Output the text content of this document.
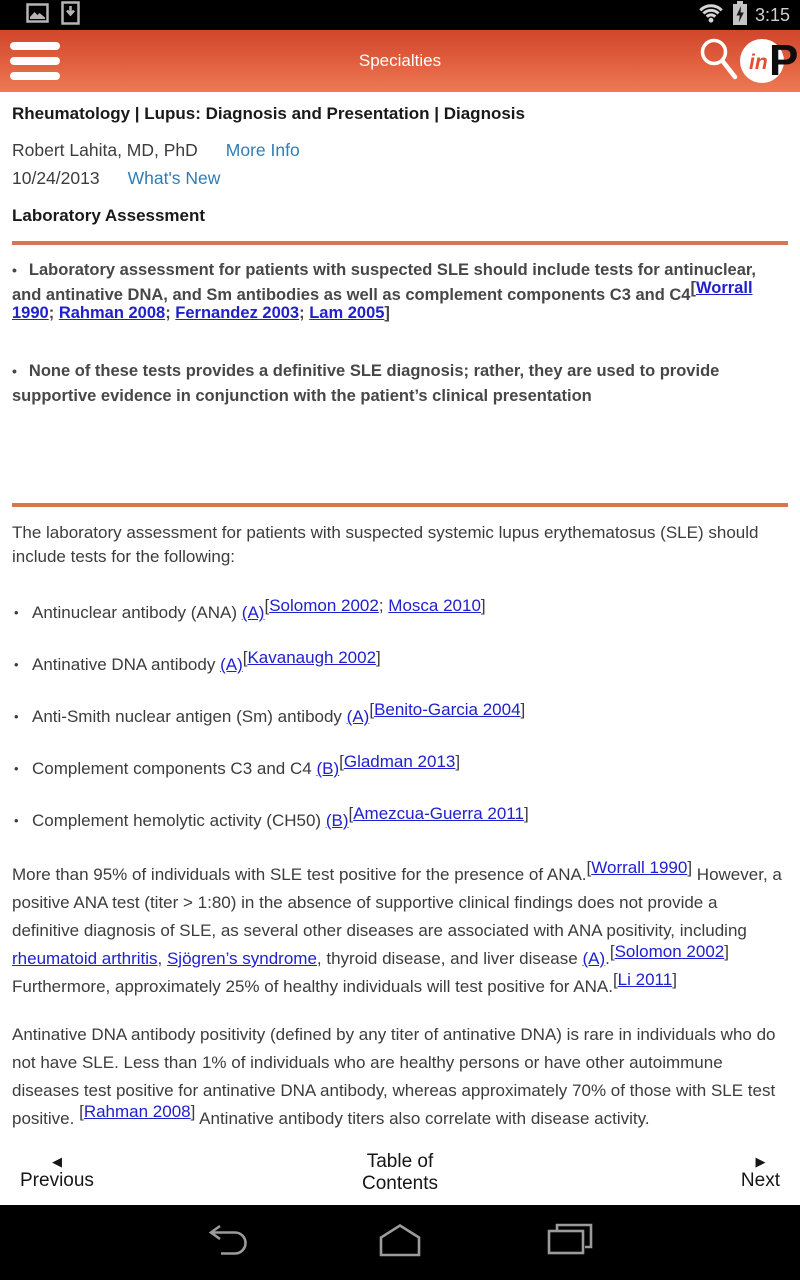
3:15
Specialties	in P
Rheumatology | Lupus: Diagnosis and Presentation | Diagnosis
Robert Lahita, MD, PhD More Info
10/24/2013 What's New
Laboratory Assessment

• Laboratory assessment for patients with suspected SLE should include tests for antinuclear, and antinative DNA, and Sm antibodies as well as complement components C3 and C4[Worrall 1990; Rahman 2008; Fernandez 2003; Lam 2005]

• None of these tests provides a definitive SLE diagnosis; rather, they are used to provide supportive evidence in conjunction with the patient’s clinical presentation

The laboratory assessment for patients with suspected systemic lupus erythematosus (SLE) should include tests for the following:

• Antinuclear antibody (ANA) (A)[Solomon 2002; Mosca 2010]
• Antinative DNA antibody (A)[Kavanaugh 2002]
• Anti-Smith nuclear antigen (Sm) antibody (A)[Benito-Garcia 2004]
• Complement components C3 and C4 (B)[Gladman 2013]
• Complement hemolytic activity (CH50) (B)[Amezcua-Guerra 2011]

More than 95% of individuals with SLE test positive for the presence of ANA.[Worrall 1990] However, a positive ANA test (titer > 1:80) in the absence of supportive clinical findings does not provide a definitive diagnosis of SLE, as several other diseases are associated with ANA positivity, including rheumatoid arthritis, Sjögren’s syndrome, thyroid disease, and liver disease (A).[Solomon 2002] Furthermore, approximately 25% of healthy individuals will test positive for ANA.[Li 2011]

Antinative DNA antibody positivity (defined by any titer of antinative DNA) is rare in individuals who do not have SLE. Less than 1% of individuals who are healthy persons or have other autoimmune diseases test positive for antinative DNA antibody, whereas approximately 70% of those with SLE test positive. [Rahman 2008] Antinative antibody titers also correlate with disease activity.

◀
Previous
Table of Contents
▶
Next
